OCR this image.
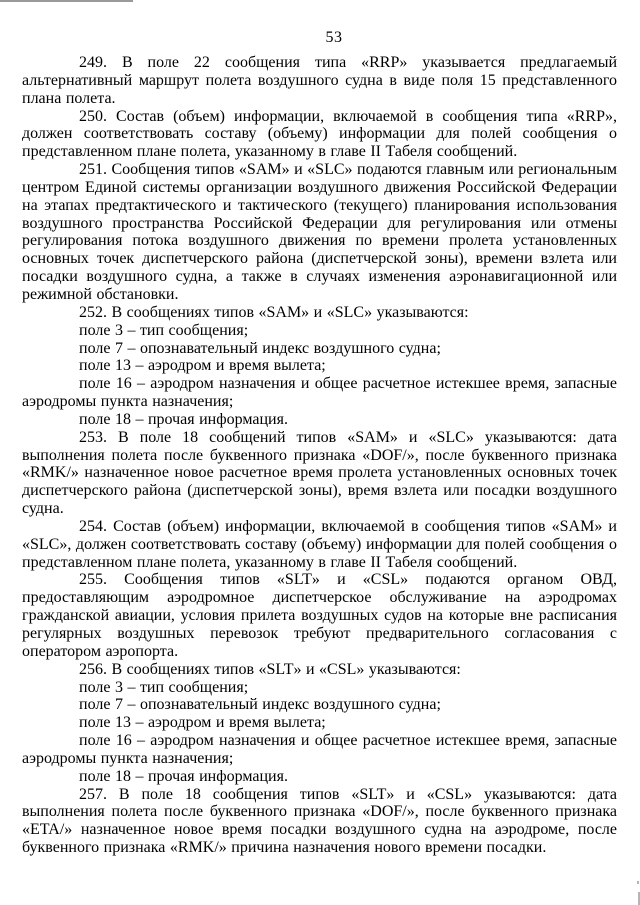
53

249. В поле 22 сообщения типа «RRP» указывается предлагаемый альтернативный маршрут полета воздушного судна в виде поля 15 представленного плана полета.

250. Состав (объем) информации, включаемой в сообщения типа «RRP», должен соответствовать составу (объему) информации для полей сообщения о представленном плане полета, указанному в главе II Табеля сообщений.

251. Сообщения типов «SAM» и «SLC» подаются главным или региональным центром Единой системы организации воздушного движения Российской Федерации на этапах предтактического и тактического (текущего) планирования использования воздушного пространства Российской Федерации для регулирования или отмены регулирования потока воздушного движения по времени пролета установленных основных точек диспетчерского района (диспетчерской зоны), времени взлета или посадки воздушного судна, а также в случаях изменения аэронавигационной или режимной обстановки.

252. В сообщениях типов «SAM» и «SLC» указываются:

поле 3 – тип сообщения;

поле 7 – опознавательный индекс воздушного судна;

поле 13 – аэродром и время вылета;

поле 16 – аэродром назначения и общее расчетное истекшее время, запасные аэродромы пункта назначения;

поле 18 – прочая информация.

253. В поле 18 сообщений типов «SAM» и «SLC» указываются: дата выполнения полета после буквенного признака «DOF/», после буквенного признака «RMK/» назначенное новое расчетное время пролета установленных основных точек диспетчерского района (диспетчерской зоны), время взлета или посадки воздушного судна.

254. Состав (объем) информации, включаемой в сообщения типов «SAM» и «SLC», должен соответствовать составу (объему) информации для полей сообщения о представленном плане полета, указанному в главе II Табеля сообщений.

255. Сообщения типов «SLT» и «CSL» подаются органом ОВД, предоставляющим аэродромное диспетчерское обслуживание на аэродромах гражданской авиации, условия прилета воздушных судов на которые вне расписания регулярных воздушных перевозок требуют предварительного согласования с оператором аэропорта.

256. В сообщениях типов «SLT» и «CSL» указываются:

поле 3 – тип сообщения;

поле 7 – опознавательный индекс воздушного судна;

поле 13 – аэродром и время вылета;

поле 16 – аэродром назначения и общее расчетное истекшее время, запасные аэродромы пункта назначения;

поле 18 – прочая информация.

257. В поле 18 сообщения типов «SLT» и «CSL» указываются: дата выполнения полета после буквенного признака «DOF/», после буквенного признака «ETA/» назначенное новое время посадки воздушного судна на аэродроме, после буквенного признака «RMK/» причина назначения нового времени посадки.
